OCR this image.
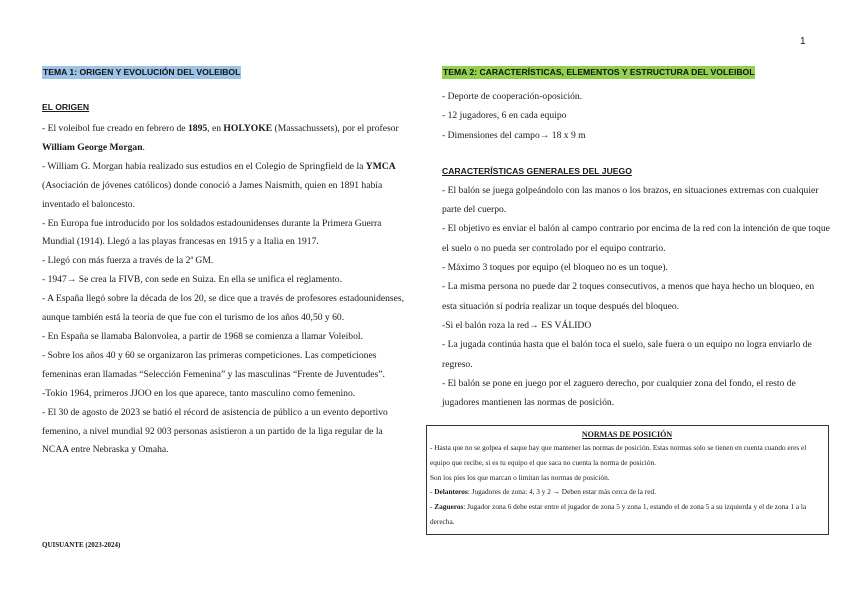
1
TEMA 1: ORIGEN Y EVOLUCIÓN DEL VOLEIBOL
EL ORIGEN

- El voleibol fue creado en febrero de 1895, en HOLYOKE (Massachussets), por el profesor William George Morgan.

- William G. Morgan había realizado sus estudios en el Colegio de Springfield de la YMCA (Asociación de jóvenes católicos) donde conoció a James Naismith, quien en 1891 había inventado el baloncesto.

- En Europa fue introducido por los soldados estadounidenses durante la Primera Guerra Mundial (1914). Llegó a las playas francesas en 1915 y a Italia en 1917.

- Llegó con más fuerza a través de la 2ª GM.

- 1947→ Se crea la FIVB, con sede en Suiza. En ella se unifica el reglamento.

- A España llegó sobre la década de los 20, se dice que a través de profesores estadounidenses, aunque también está la teoría de que fue con el turismo de los años 40,50 y 60.

- En España se llamaba Balonvolea, a partir de 1968 se comienza a llamar Voleibol.

- Sobre los años 40 y 60 se organizaron las primeras competiciones. Las competiciones femeninas eran llamadas “Selección Femenina” y las masculinas “Frente de Juventudes”.

-Tokio 1964, primeros JJOO en los que aparece, tanto masculino como femenino.

- El 30 de agosto de 2023 se batió el récord de asistencia de público a un evento deportivo femenino, a nivel mundial 92 003 personas asistieron a un partido de la liga regular de la NCAA entre Nebraska y Omaha.

QUISUANTE (2023-2024)
TEMA 2: CARACTERÍSTICAS, ELEMENTOS Y ESTRUCTURA DEL VOLEIBOL

- Deporte de cooperación-oposición.

- 12 jugadores, 6 en cada equipo

- Dimensiones del campo→ 18 x 9 m

CARACTERÍSTICAS GENERALES DEL JUEGO

- El balón se juega golpeándolo con las manos o los brazos, en situaciones extremas con cualquier parte del cuerpo.

- El objetivo es enviar el balón al campo contrario por encima de la red con la intención de que toque el suelo o no pueda ser controlado por el equipo contrario.

- Máximo 3 toques por equipo (el bloqueo no es un toque).

- La misma persona no puede dar 2 toques consecutivos, a menos que haya hecho un bloqueo, en esta situación sí podría realizar un toque después del bloqueo.

-Si el balón roza la red→ ES VÁLIDO

- La jugada continúa hasta que el balón toca el suelo, sale fuera o un equipo no logra enviarlo de regreso.

- El balón se pone en juego por el zaguero derecho, por cualquier zona del fondo, el resto de jugadores mantienen las normas de posición.

NORMAS DE POSICIÓN

- Hasta que no se golpea el saque hay que mantener las normas de posición. Estas normas solo se tienen en cuenta cuando eres el equipo que recibe, si es tu equipo el que saca no cuenta la norma de posición.

Son los pies los que marcan o limitan las normas de posición.

- Delanteros: Jugadores de zona: 4, 3 y 2 → Deben estar más cerca de la red.

- Zagueros: Jugador zona 6 debe estar entre el jugador de zona 5 y zona 1, estando el de zona 5 a su izquierda y el de zona 1 a la derecha.
